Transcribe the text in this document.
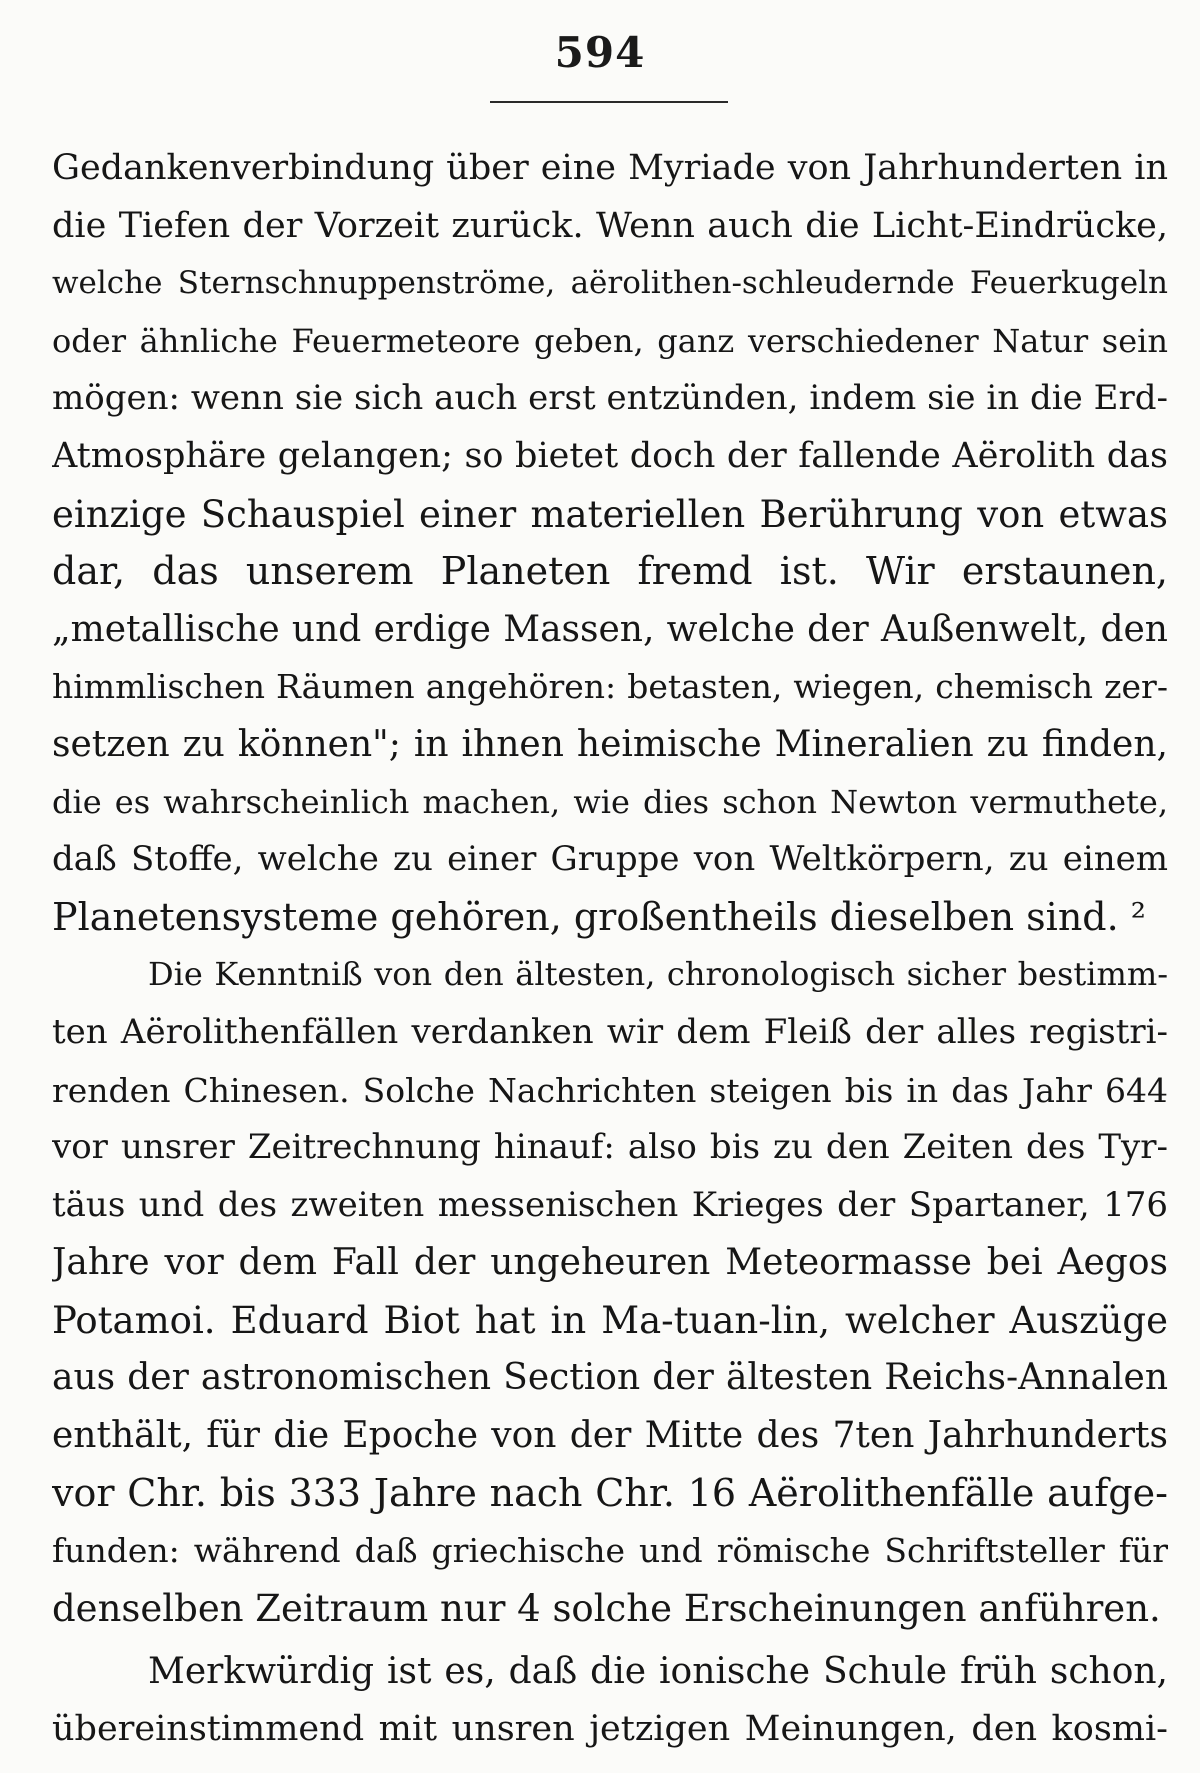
594
Gedankenverbindung über eine Myriade von Jahrhunderten in
die Tiefen der Vorzeit zurück. Wenn auch die Licht-Eindrücke,
welche Sternschnuppenströme, aërolithen-schleudernde Feuerkugeln
oder ähnliche Feuermeteore geben, ganz verschiedener Natur sein
mögen: wenn sie sich auch erst entzünden, indem sie in die Erd-
Atmosphäre gelangen; so bietet doch der fallende Aërolith das
einzige Schauspiel einer materiellen Berührung von etwas
dar, das unserem Planeten fremd ist. Wir erstaunen,
„metallische und erdige Massen, welche der Außenwelt, den
himmlischen Räumen angehören: betasten, wiegen, chemisch zer-
setzen zu können"; in ihnen heimische Mineralien zu finden,
die es wahrscheinlich machen, wie dies schon Newton vermuthete,
daß Stoffe, welche zu einer Gruppe von Weltkörpern, zu einem
Planetensysteme gehören, großentheils dieselben sind. ²
Die Kenntniß von den ältesten, chronologisch sicher bestimm-
ten Aërolithenfällen verdanken wir dem Fleiß der alles registri-
renden Chinesen. Solche Nachrichten steigen bis in das Jahr 644
vor unsrer Zeitrechnung hinauf: also bis zu den Zeiten des Tyr-
täus und des zweiten messenischen Krieges der Spartaner, 176
Jahre vor dem Fall der ungeheuren Meteormasse bei Aegos
Potamoi. Eduard Biot hat in Ma-tuan-lin, welcher Auszüge
aus der astronomischen Section der ältesten Reichs-Annalen
enthält, für die Epoche von der Mitte des 7ten Jahrhunderts
vor Chr. bis 333 Jahre nach Chr. 16 Aërolithenfälle aufge-
funden: während daß griechische und römische Schriftsteller für
denselben Zeitraum nur 4 solche Erscheinungen anführen.
Merkwürdig ist es, daß die ionische Schule früh schon,
übereinstimmend mit unsren jetzigen Meinungen, den kosmi-
